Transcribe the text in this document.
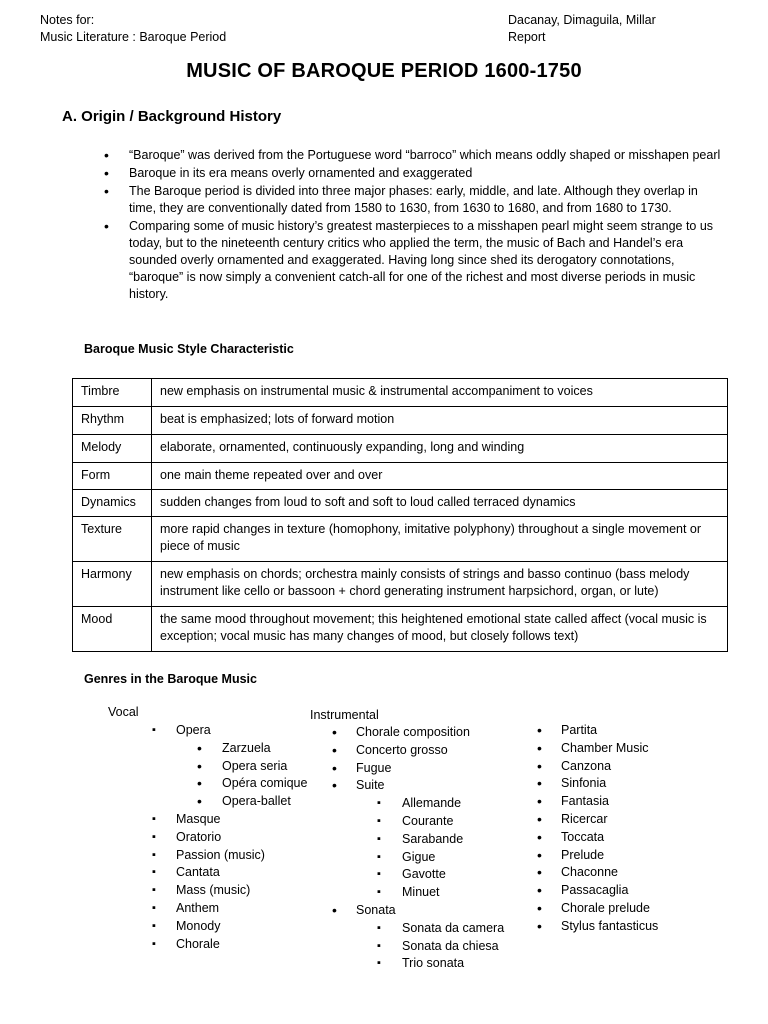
Notes for:
Music Literature : Baroque Period
Dacanay, Dimaguila, Millar
Report
MUSIC OF BAROQUE PERIOD 1600-1750
A. Origin / Background History
• “Baroque” was derived from the Portuguese word “barroco” which means oddly shaped or misshapen pearl
• Baroque in its era means overly ornamented and exaggerated
• The Baroque period is divided into three major phases: early, middle, and late. Although they overlap in time, they are conventionally dated from 1580 to 1630, from 1630 to 1680, and from 1680 to 1730.
• Comparing some of music history’s greatest masterpieces to a misshapen pearl might seem strange to us today, but to the nineteenth century critics who applied the term, the music of Bach and Handel’s era sounded overly ornamented and exaggerated. Having long since shed its derogatory connotations, “baroque” is now simply a convenient catch-all for one of the richest and most diverse periods in music history.
Baroque Music Style Characteristic
Timbre	new emphasis on instrumental music & instrumental accompaniment to voices
Rhythm	beat is emphasized; lots of forward motion
Melody	elaborate, ornamented, continuously expanding, long and winding
Form	one main theme repeated over and over
Dynamics	sudden changes from loud to soft and soft to loud called terraced dynamics
Texture	more rapid changes in texture (homophony, imitative polyphony) throughout a single movement or piece of music
Harmony	new emphasis on chords; orchestra mainly consists of strings and basso continuo (bass melody instrument like cello or bassoon + chord generating instrument harpsichord, organ, or lute)
Mood	the same mood throughout movement; this heightened emotional state called affect (vocal music is exception; vocal music has many changes of mood, but closely follows text)
Genres in the Baroque Music
Vocal	Instrumental
▪ Opera
• Zarzuela
• Opera seria
• Opéra comique
• Opera-ballet
▪ Masque
▪ Oratorio
▪ Passion (music)
▪ Cantata
▪ Mass (music)
▪ Anthem
▪ Monody
▪ Chorale
• Chorale composition
• Concerto grosso
• Fugue
• Suite
▪ Allemande
▪ Courante
▪ Sarabande
▪ Gigue
▪ Gavotte
▪ Minuet
• Sonata
▪ Sonata da camera
▪ Sonata da chiesa
▪ Trio sonata
• Partita
• Chamber Music
• Canzona
• Sinfonia
• Fantasia
• Ricercar
• Toccata
• Prelude
• Chaconne
• Passacaglia
• Chorale prelude
• Stylus fantasticus
